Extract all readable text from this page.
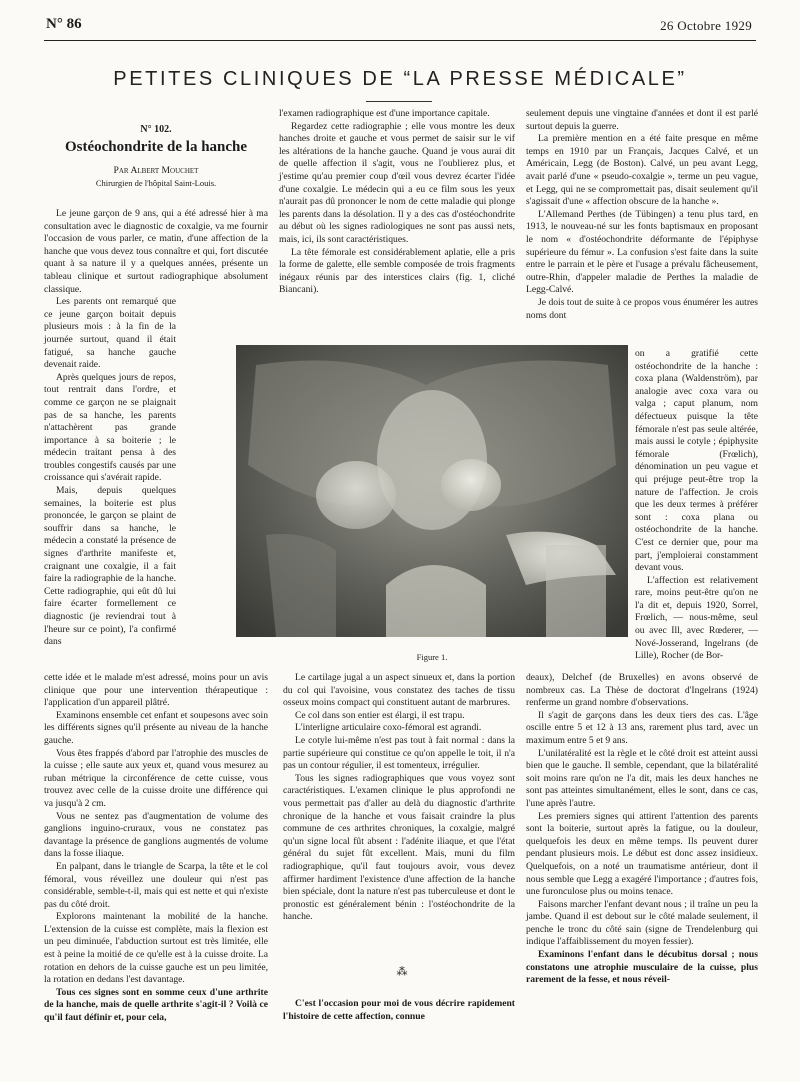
N° 86	26 Octobre 1929
PETITES CLINIQUES DE “LA PRESSE MÉDICALE”
N° 102.
Ostéochondrite de la hanche
Par Albert Mouchet
Chirurgien de l'hôpital Saint-Louis.

Le jeune garçon de 9 ans, qui a été adressé hier à ma consultation avec le diagnostic de coxalgie, va me fournir l'occasion de vous parler, ce matin, d'une affection de la hanche que vous devez tous connaître et qui, fort discutée quant à sa nature il y a quelques années, présente un tableau clinique et surtout radiographique absolument classique.

Les parents ont remarqué que ce jeune garçon boitait depuis plusieurs mois : à la fin de la journée surtout, quand il était fatigué, sa hanche gauche devenait raide.

Après quelques jours de repos, tout rentrait dans l'ordre, et comme ce garçon ne se plaignait pas de sa hanche, les parents n'attachèrent pas grande importance à sa boiterie ; le médecin traitant pensa à des troubles congestifs causés par une croissance qui s'avérait rapide.

Mais, depuis quelques semaines, la boiterie est plus prononcée, le garçon se plaint de souffrir dans sa hanche, le médecin a constaté la présence de signes d'arthrite manifeste et, craignant une coxalgie, il a fait faire la radiographie de la hanche. Cette radiographie, qui eût dû lui faire écarter formellement ce diagnostic (je reviendrai tout à l'heure sur ce point), l'a confirmé dans

l'examen radiographique est d'une importance capitale.

Regardez cette radiographie ; elle vous montre les deux hanches droite et gauche et vous permet de saisir sur le vif les altérations de la hanche gauche. Quand je vous aurai dit de quelle affection il s'agit, vous ne l'oublierez plus, et j'estime qu'au premier coup d'œil vous devrez écarter l'idée d'une coxalgie. Le médecin qui a eu ce film sous les yeux n'aurait pas dû prononcer le nom de cette maladie qui plonge les parents dans la désolation. Il y a des cas d'ostéochondrite au début où les signes radiologiques ne sont pas aussi nets, mais, ici, ils sont caractéristiques.

La tête fémorale est considérablement aplatie, elle a pris la forme de galette, elle semble composée de trois fragments inégaux réunis par des interstices clairs (fig. 1, cliché Biancani).

seulement depuis une vingtaine d'années et dont il est parlé surtout depuis la guerre.

La première mention en a été faite presque en même temps en 1910 par un Français, Jacques Calvé, et un Américain, Legg (de Boston). Calvé, un peu avant Legg, avait parlé d'une « pseudo-coxalgie », terme un peu vague, et Legg, qui ne se compromettait pas, disait seulement qu'il s'agissait d'une « affection obscure de la hanche ».

L'Allemand Perthes (de Tübingen) a tenu plus tard, en 1913, le nouveau-né sur les fonts baptismaux en proposant le nom « d'ostéochondrite déformante de l'épiphyse supérieure du fémur ». La confusion s'est faite dans la suite entre le parrain et le père et l'usage a prévalu fâcheusement, outre-Rhin, d'appeler maladie de Perthes la maladie de Legg-Calvé.

Je dois tout de suite à ce propos vous énumérer les autres noms dont

on a gratifié cette ostéochondrite de la hanche : coxa plana (Waldenström), par analogie avec coxa vara ou valga ; caput planum, nom défectueux puisque la tête fémorale n'est pas seule altérée, mais aussi le cotyle ; épiphysite fémorale (Frœlich), dénomination un peu vague et qui préjuge peut-être trop la nature de l'affection. Je crois que les deux termes à préférer sont : coxa plana ou ostéochondrite de la hanche. C'est ce dernier que, pour ma part, j'emploierai constamment devant vous.

L'affection est relativement rare, moins peut-être qu'on ne l'a dit et, depuis 1920, Sorrel, Frœlich, — nous-même, seul ou avec Ill, avec Rœderer, — Nové-Josserand, Ingelrans (de Lille), Rocher (de Bor-

Figure 1.

cette idée et le malade m'est adressé, moins pour un avis clinique que pour une intervention thérapeutique : l'application d'un appareil plâtré.

Examinons ensemble cet enfant et soupesons avec soin les différents signes qu'il présente au niveau de la hanche gauche.

Vous êtes frappés d'abord par l'atrophie des muscles de la cuisse ; elle saute aux yeux et, quand vous mesurez au ruban métrique la circonférence de cette cuisse, vous trouvez avec celle de la cuisse droite une différence qui va jusqu'à 2 cm.

Vous ne sentez pas d'augmentation de volume des ganglions inguino-cruraux, vous ne constatez pas davantage la présence de ganglions augmentés de volume dans la fosse iliaque.

En palpant, dans le triangle de Scarpa, la tête et le col fémoral, vous réveillez une douleur qui n'est pas considérable, semble-t-il, mais qui est nette et qui n'existe pas du côté droit.

Explorons maintenant la mobilité de la hanche. L'extension de la cuisse est complète, mais la flexion est un peu diminuée, l'abduction surtout est très limitée, elle est à peine la moitié de ce qu'elle est à la cuisse droite. La rotation en dehors de la cuisse gauche est un peu limitée, la rotation en dedans l'est davantage.

Tous ces signes sont en somme ceux d'une arthrite de la hanche, mais de quelle arthrite s'agit-il ? Voilà ce qu'il faut définir et, pour cela,

Le cartilage jugal a un aspect sinueux et, dans la portion du col qui l'avoisine, vous constatez des taches de tissu osseux moins compact qui constituent autant de marbrures.

Ce col dans son entier est élargi, il est trapu.

L'interligne articulaire coxo-fémoral est agrandi.

Le cotyle lui-même n'est pas tout à fait normal : dans la partie supérieure qui constitue ce qu'on appelle le toit, il n'a pas un contour régulier, il est tomenteux, irrégulier.

Tous les signes radiographiques que vous voyez sont caractéristiques. L'examen clinique le plus approfondi ne vous permettait pas d'aller au delà du diagnostic d'arthrite chronique de la hanche et vous faisait craindre la plus commune de ces arthrites chroniques, la coxalgie, malgré qu'un signe local fût absent : l'adénite iliaque, et que l'état général du sujet fût excellent. Mais, muni du film radiographique, qu'il faut toujours avoir, vous devez affirmer hardiment l'existence d'une affection de la hanche bien spéciale, dont la nature n'est pas tuberculeuse et dont le pronostic est généralement bénin : l'ostéochondrite de la hanche.

⁂

C'est l'occasion pour moi de vous décrire rapidement l'histoire de cette affection, connue

deaux), Delchef (de Bruxelles) en avons observé de nombreux cas. La Thèse de doctorat d'Ingelrans (1924) renferme un grand nombre d'observations.

Il s'agit de garçons dans les deux tiers des cas. L'âge oscille entre 5 et 12 à 13 ans, rarement plus tard, avec un maximum entre 5 et 9 ans.

L'unilatéralité est la règle et le côté droit est atteint aussi bien que le gauche. Il semble, cependant, que la bilatéralité soit moins rare qu'on ne l'a dit, mais les deux hanches ne sont pas atteintes simultanément, elles le sont, dans ce cas, l'une après l'autre.

Les premiers signes qui attirent l'attention des parents sont la boiterie, surtout après la fatigue, ou la douleur, quelquefois les deux en même temps. Ils peuvent durer pendant plusieurs mois. Le début est donc assez insidieux. Quelquefois, on a noté un traumatisme antérieur, dont il nous semble que Legg a exagéré l'importance ; d'autres fois, une furonculose plus ou moins tenace.

Faisons marcher l'enfant devant nous ; il traîne un peu la jambe. Quand il est debout sur le côté malade seulement, il penche le tronc du côté sain (signe de Trendelenburg qui indique l'affaiblissement du moyen fessier).

Examinons l'enfant dans le décubitus dorsal ; nous constatons une atrophie musculaire de la cuisse, plus rarement de la fesse, et nous réveil-
